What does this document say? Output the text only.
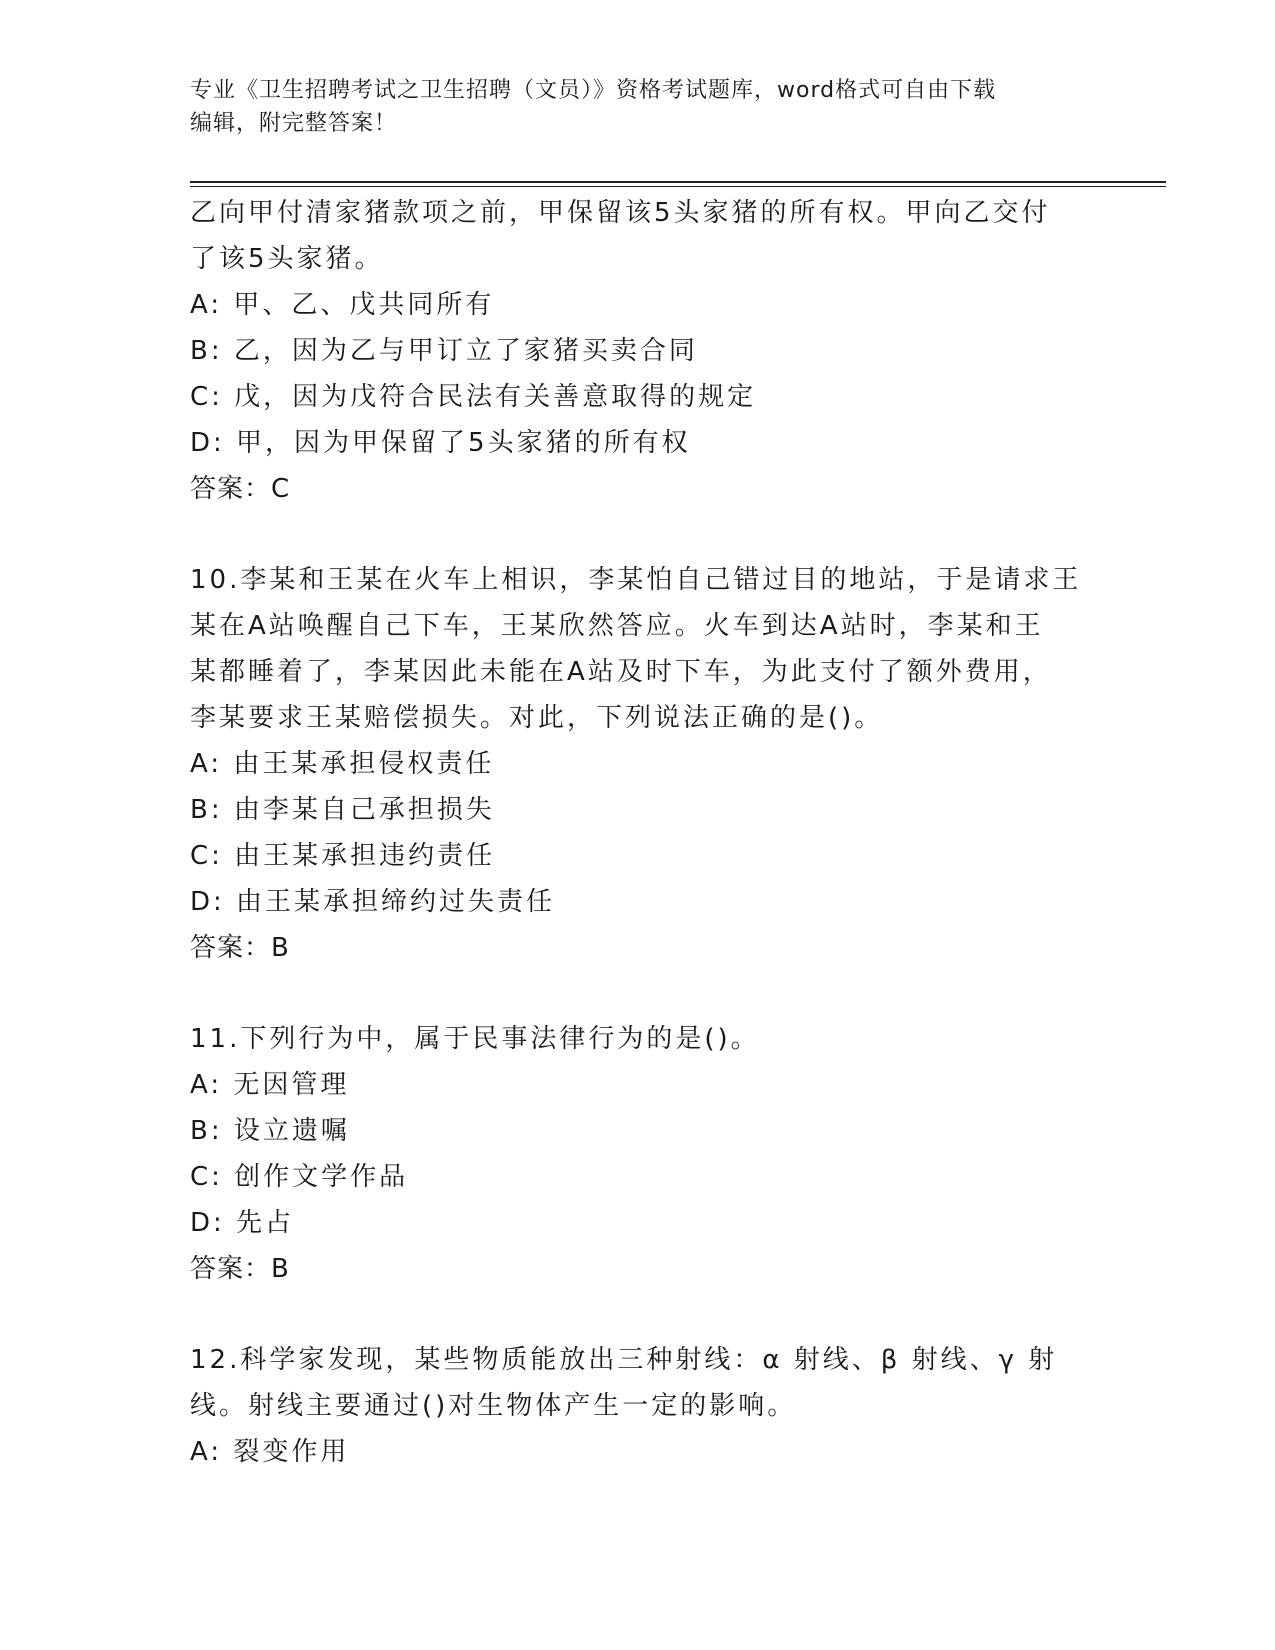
专业《卫生招聘考试之卫生招聘（文员）》资格考试题库，word格式可自由下载
编辑，附完整答案！
乙向甲付清家猪款项之前，甲保留该5头家猪的所有权。甲向乙交付
了该5头家猪。
A: 甲、乙、戊共同所有
B: 乙，因为乙与甲订立了家猪买卖合同
C: 戊，因为戊符合民法有关善意取得的规定
D: 甲，因为甲保留了5头家猪的所有权
答案：C
10.李某和王某在火车上相识，李某怕自己错过目的地站，于是请求王
某在A站唤醒自己下车，王某欣然答应。火车到达A站时，李某和王
某都睡着了，李某因此未能在A站及时下车，为此支付了额外费用，
李某要求王某赔偿损失。对此，下列说法正确的是()。
A: 由王某承担侵权责任
B: 由李某自己承担损失
C: 由王某承担违约责任
D: 由王某承担缔约过失责任
答案：B
11.下列行为中，属于民事法律行为的是()。
A: 无因管理
B: 设立遗嘱
C: 创作文学作品
D: 先占
答案：B
12.科学家发现，某些物质能放出三种射线：α 射线、β 射线、γ 射
线。射线主要通过()对生物体产生一定的影响。
A: 裂变作用
